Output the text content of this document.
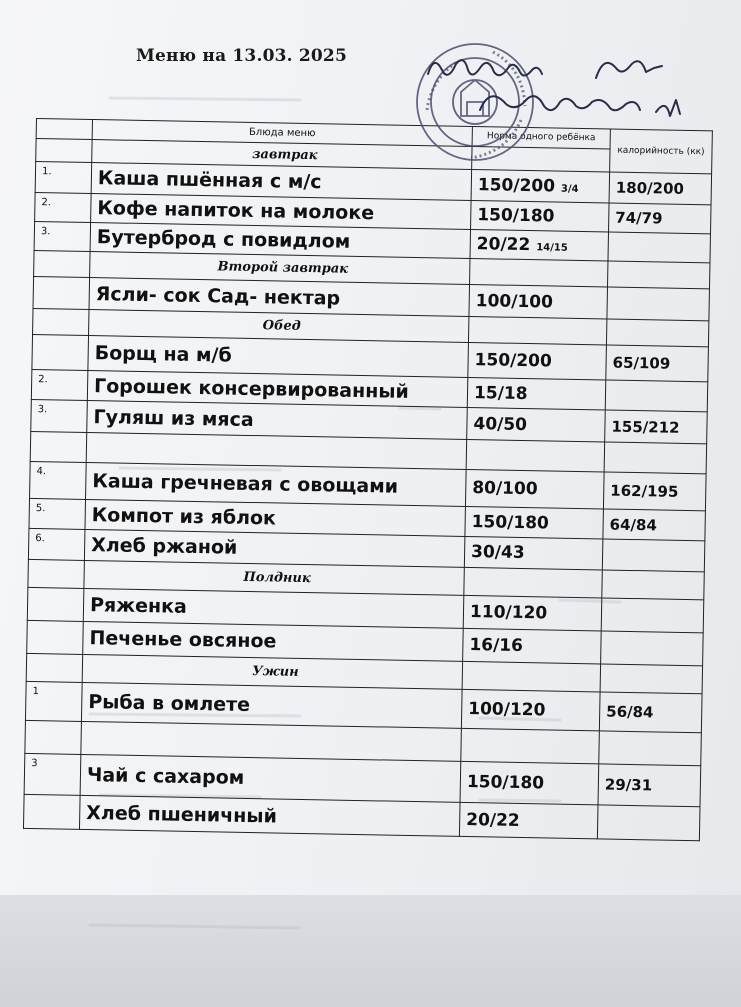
Меню на 13.03. 2025
	Блюда меню	Норма одного ребёнка	калорийность (кк)
	завтрак		
1.	Каша пшённая с м/с	150/200 3/4	180/200
2.	Кофе напиток на молоке	150/180	74/79
3.	Бутерброд с повидлом	20/22 14/15	
	Второй завтрак		
	Ясли- сок Сад- нектар	100/100	
	Обед		
	Борщ на м/б	150/200	65/109
2.	Горошек консервированный	15/18	
3.	Гуляш из мяса	40/50	155/212

4.	Каша гречневая с овощами	80/100	162/195
5.	Компот из яблок	150/180	64/84
6.	Хлеб ржаной	30/43	
	Полдник		
	Ряженка	110/120	
	Печенье овсяное	16/16	
	Ужин		
1	Рыба в омлете	100/120	56/84

3	Чай с сахаром	150/180	29/31
	Хлеб пшеничный	20/22	
